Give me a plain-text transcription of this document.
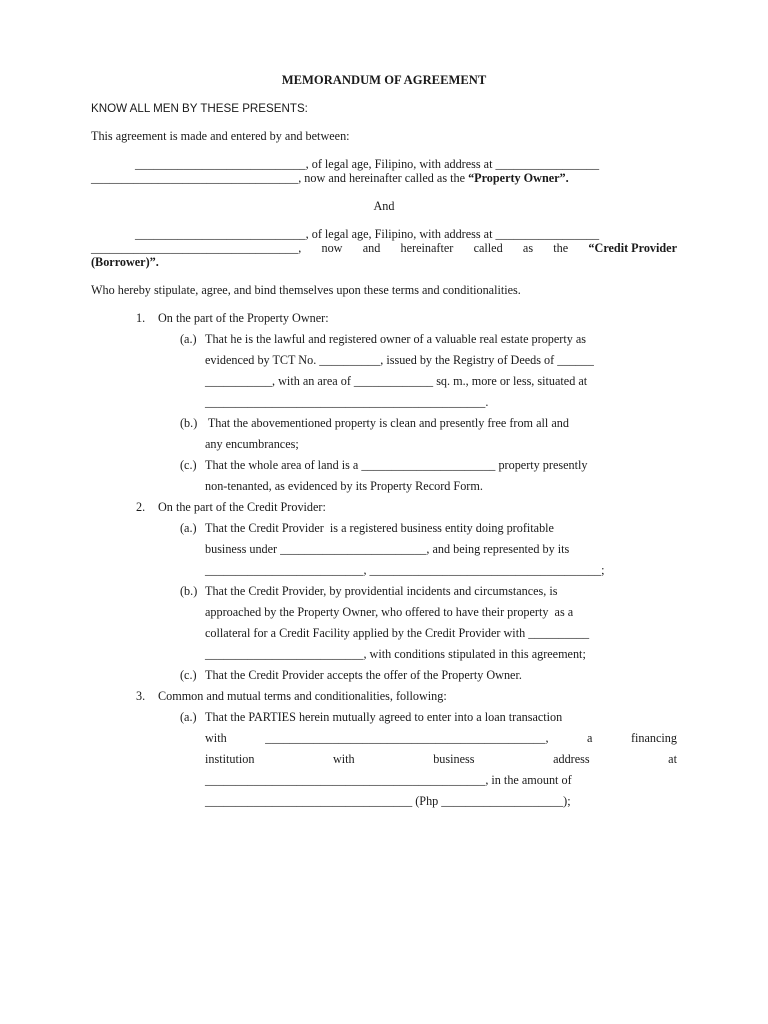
MEMORANDUM OF AGREEMENT
KNOW ALL MEN BY THESE PRESENTS:
This agreement is made and entered by and between:
____________________________, of legal age, Filipino, with address at _________________
__________________________________, now and hereinafter called as the “Property Owner”.
And
____________________________, of legal age, Filipino, with address at _________________
__________________________________, now and hereinafter called as the “Credit Provider
(Borrower)”.
Who hereby stipulate, agree, and bind themselves upon these terms and conditionalities.
1. On the part of the Property Owner:
(a.) That he is the lawful and registered owner of a valuable real estate property as
evidenced by TCT No. __________, issued by the Registry of Deeds of ______
___________, with an area of _____________ sq. m., more or less, situated at
______________________________________________.
(b.) That the abovementioned property is clean and presently free from all and
any encumbrances;
(c.) That the whole area of land is a ______________________ property presently
non-tenanted, as evidenced by its Property Record Form.
2. On the part of the Credit Provider:
(a.) That the Credit Provider  is a registered business entity doing profitable
business under ________________________, and being represented by its
__________________________, ______________________________________;
(b.) That the Credit Provider, by providential incidents and circumstances, is
approached by the Property Owner, who offered to have their property  as a
collateral for a Credit Facility applied by the Credit Provider with __________
__________________________, with conditions stipulated in this agreement;
(c.) That the Credit Provider accepts the offer of the Property Owner.
3. Common and mutual terms and conditionalities, following:
(a.) That the PARTIES herein mutually agreed to enter into a loan transaction
with	______________________________________________,	a	financing
institution	with	business	address	at
______________________________________________, in the amount of
__________________________________ (Php ____________________);
